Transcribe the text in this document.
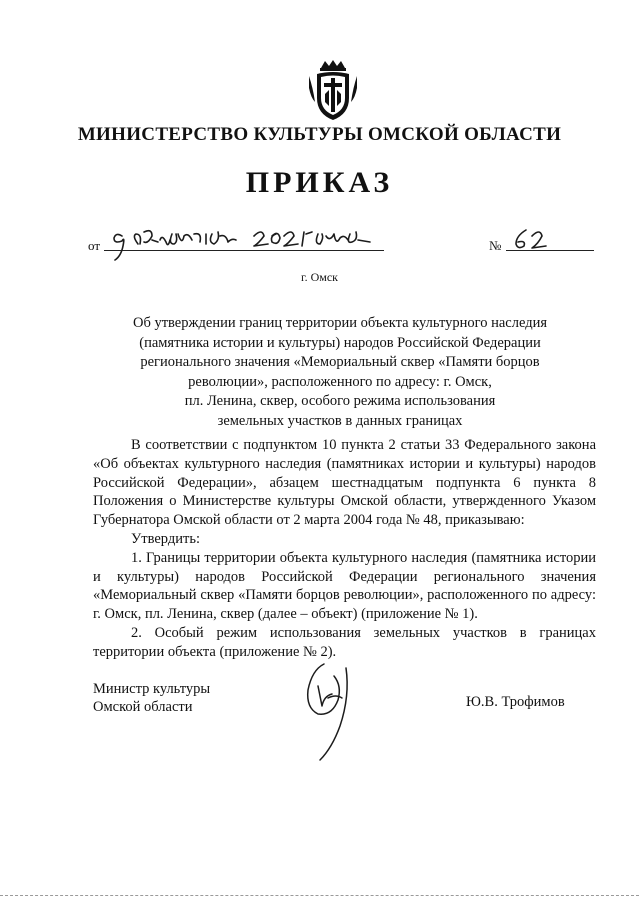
МИНИСТЕРСТВО КУЛЬТУРЫ ОМСКОЙ ОБЛАСТИ
ПРИКАЗ
от	№
г. Омск
Об утверждении границ территории объекта культурного наследия
(памятника истории и культуры) народов Российской Федерации
регионального значения «Мемориальный сквер «Памяти борцов
революции», расположенного по адресу: г. Омск,
пл. Ленина, сквер, особого режима использования
земельных участков в данных границах

В соответствии с подпунктом 10 пункта 2 статьи 33 Федерального закона «Об объектах культурного наследия (памятниках истории и культуры) народов Российской Федерации», абзацем шестнадцатым подпункта 6 пункта 8 Положения о Министерстве культуры Омской области, утвержденного Указом Губернатора Омской области от 2 марта 2004 года № 48, приказываю:

Утвердить:

1. Границы территории объекта культурного наследия (памятника истории и культуры) народов Российской Федерации регионального значения «Мемориальный сквер «Памяти борцов революции», расположенного по адресу: г. Омск, пл. Ленина, сквер (далее – объект) (приложение № 1).

2. Особый режим использования земельных участков в границах территории объекта (приложение № 2).

Министр культуры
Омской области	Ю.В. Трофимов
